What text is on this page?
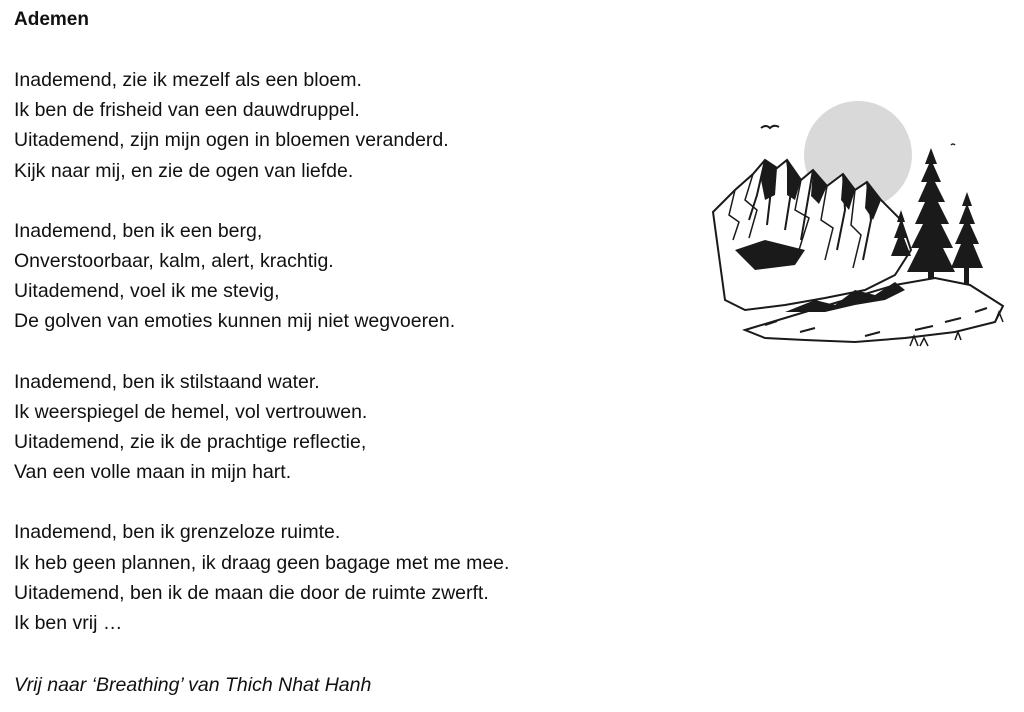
Ademen
Inademend, zie ik mezelf als een bloem.
Ik ben de frisheid van een dauwdruppel.
Uitademend, zijn mijn ogen in bloemen veranderd.
Kijk naar mij, en zie de ogen van liefde.
Inademend, ben ik een berg,
Onverstoorbaar, kalm, alert, krachtig.
Uitademend, voel ik me stevig,
De golven van emoties kunnen mij niet wegvoeren.
Inademend, ben ik stilstaand water.
Ik weerspiegel de hemel, vol vertrouwen.
Uitademend, zie ik de prachtige reflectie,
Van een volle maan in mijn hart.
Inademend, ben ik grenzeloze ruimte.
Ik heb geen plannen, ik draag geen bagage met me mee.
Uitademend, ben ik de maan die door de ruimte zwerft.
Ik ben vrij …
Vrij naar ‘Breathing’ van Thich Nhat Hanh
